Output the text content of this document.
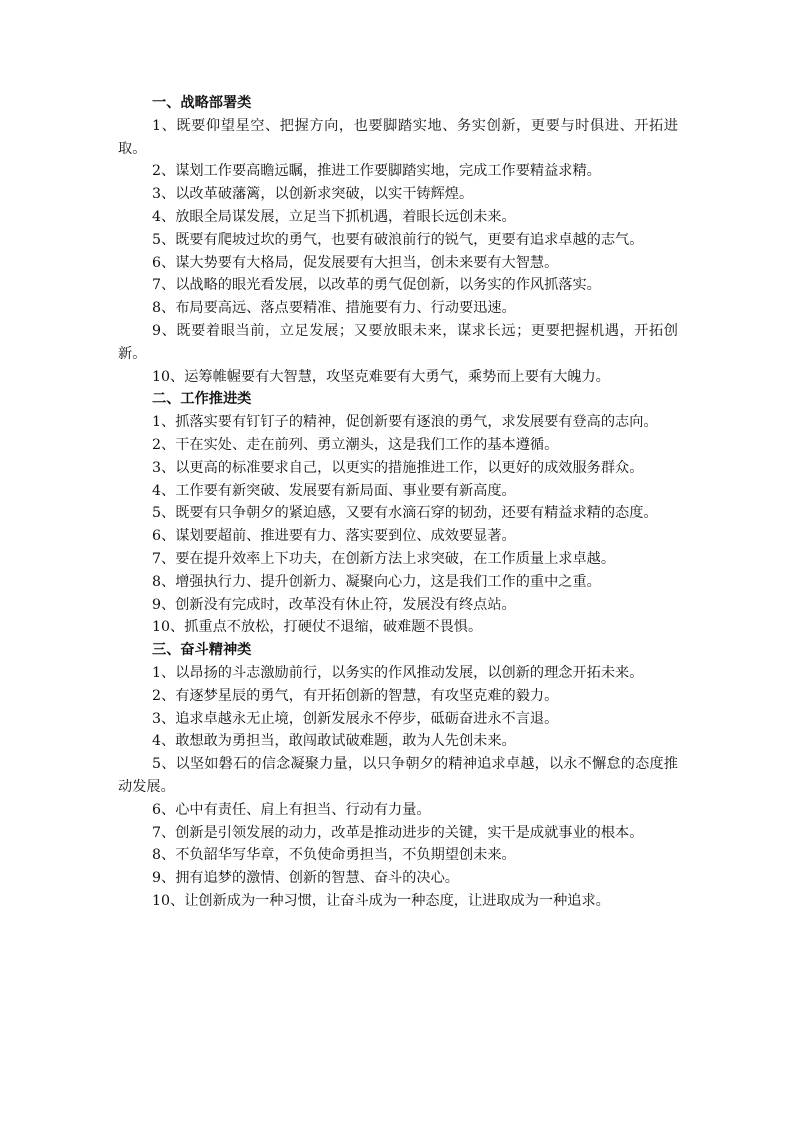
一、战略部署类

1、既要仰望星空、把握方向，也要脚踏实地、务实创新，更要与时俱进、开拓进取。

2、谋划工作要高瞻远瞩，推进工作要脚踏实地，完成工作要精益求精。

3、以改革破藩篱，以创新求突破，以实干铸辉煌。

4、放眼全局谋发展，立足当下抓机遇，着眼长远创未来。

5、既要有爬坡过坎的勇气，也要有破浪前行的锐气，更要有追求卓越的志气。

6、谋大势要有大格局，促发展要有大担当，创未来要有大智慧。

7、以战略的眼光看发展，以改革的勇气促创新，以务实的作风抓落实。

8、布局要高远、落点要精准、措施要有力、行动要迅速。

9、既要着眼当前，立足发展；又要放眼未来，谋求长远；更要把握机遇，开拓创新。

10、运筹帷幄要有大智慧，攻坚克难要有大勇气，乘势而上要有大魄力。

二、工作推进类

1、抓落实要有钉钉子的精神，促创新要有逐浪的勇气，求发展要有登高的志向。

2、干在实处、走在前列、勇立潮头，这是我们工作的基本遵循。

3、以更高的标准要求自己，以更实的措施推进工作，以更好的成效服务群众。

4、工作要有新突破、发展要有新局面、事业要有新高度。

5、既要有只争朝夕的紧迫感，又要有水滴石穿的韧劲，还要有精益求精的态度。

6、谋划要超前、推进要有力、落实要到位、成效要显著。

7、要在提升效率上下功夫，在创新方法上求突破，在工作质量上求卓越。

8、增强执行力、提升创新力、凝聚向心力，这是我们工作的重中之重。

9、创新没有完成时，改革没有休止符，发展没有终点站。

10、抓重点不放松，打硬仗不退缩，破难题不畏惧。

三、奋斗精神类

1、以昂扬的斗志激励前行，以务实的作风推动发展，以创新的理念开拓未来。

2、有逐梦星辰的勇气，有开拓创新的智慧，有攻坚克难的毅力。

3、追求卓越永无止境，创新发展永不停步，砥砺奋进永不言退。

4、敢想敢为勇担当，敢闯敢试破难题，敢为人先创未来。

5、以坚如磐石的信念凝聚力量，以只争朝夕的精神追求卓越，以永不懈怠的态度推动发展。

6、心中有责任、肩上有担当、行动有力量。

7、创新是引领发展的动力，改革是推动进步的关键，实干是成就事业的根本。

8、不负韶华写华章，不负使命勇担当，不负期望创未来。

9、拥有追梦的激情、创新的智慧、奋斗的决心。

10、让创新成为一种习惯，让奋斗成为一种态度，让进取成为一种追求。
